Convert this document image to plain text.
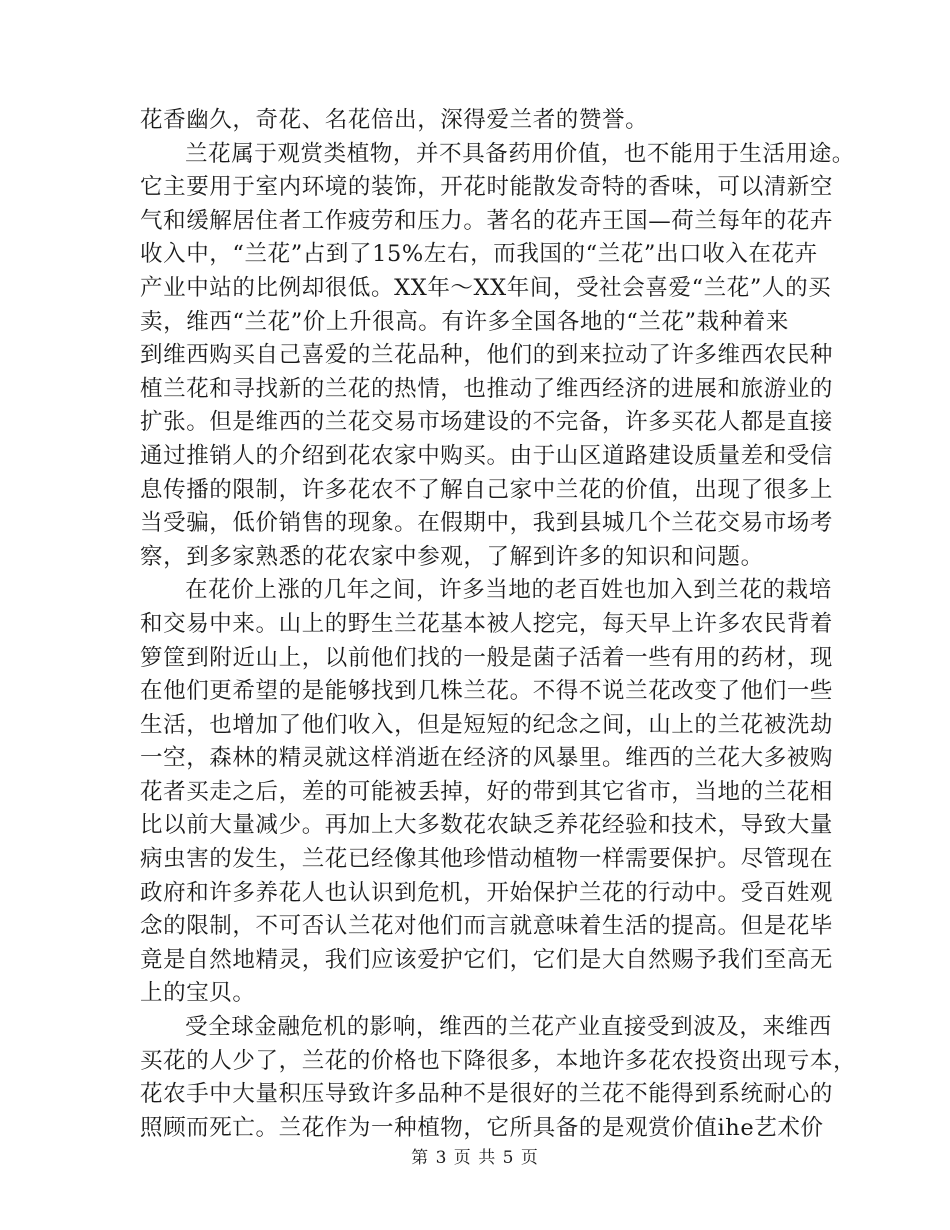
花香幽久，奇花、名花倍出，深得爱兰者的赞誉。
兰花属于观赏类植物，并不具备药用价值，也不能用于生活用途。
它主要用于室内环境的装饰，开花时能散发奇特的香味，可以清新空
气和缓解居住者工作疲劳和压力。著名的花卉王国—荷兰每年的花卉
收入中，“兰花”占到了15%左右，而我国的“兰花”出口收入在花卉
产业中站的比例却很低。XX年～XX年间，受社会喜爱“兰花”人的买
卖，维西“兰花”价上升很高。有许多全国各地的“兰花”栽种着来
到维西购买自己喜爱的兰花品种，他们的到来拉动了许多维西农民种
植兰花和寻找新的兰花的热情，也推动了维西经济的进展和旅游业的
扩张。但是维西的兰花交易市场建设的不完备，许多买花人都是直接
通过推销人的介绍到花农家中购买。由于山区道路建设质量差和受信
息传播的限制，许多花农不了解自己家中兰花的价值，出现了很多上
当受骗，低价销售的现象。在假期中，我到县城几个兰花交易市场考
察，到多家熟悉的花农家中参观，了解到许多的知识和问题。
在花价上涨的几年之间，许多当地的老百姓也加入到兰花的栽培
和交易中来。山上的野生兰花基本被人挖完，每天早上许多农民背着
箩筐到附近山上，以前他们找的一般是菌子活着一些有用的药材，现
在他们更希望的是能够找到几株兰花。不得不说兰花改变了他们一些
生活，也增加了他们收入，但是短短的纪念之间，山上的兰花被洗劫
一空，森林的精灵就这样消逝在经济的风暴里。维西的兰花大多被购
花者买走之后，差的可能被丢掉，好的带到其它省市，当地的兰花相
比以前大量减少。再加上大多数花农缺乏养花经验和技术，导致大量
病虫害的发生，兰花已经像其他珍惜动植物一样需要保护。尽管现在
政府和许多养花人也认识到危机，开始保护兰花的行动中。受百姓观
念的限制，不可否认兰花对他们而言就意味着生活的提高。但是花毕
竟是自然地精灵，我们应该爱护它们，它们是大自然赐予我们至高无
上的宝贝。
受全球金融危机的影响，维西的兰花产业直接受到波及，来维西
买花的人少了，兰花的价格也下降很多，本地许多花农投资出现亏本，
花农手中大量积压导致许多品种不是很好的兰花不能得到系统耐心的
照顾而死亡。兰花作为一种植物，它所具备的是观赏价值ihe艺术价
第 3 页 共 5 页
